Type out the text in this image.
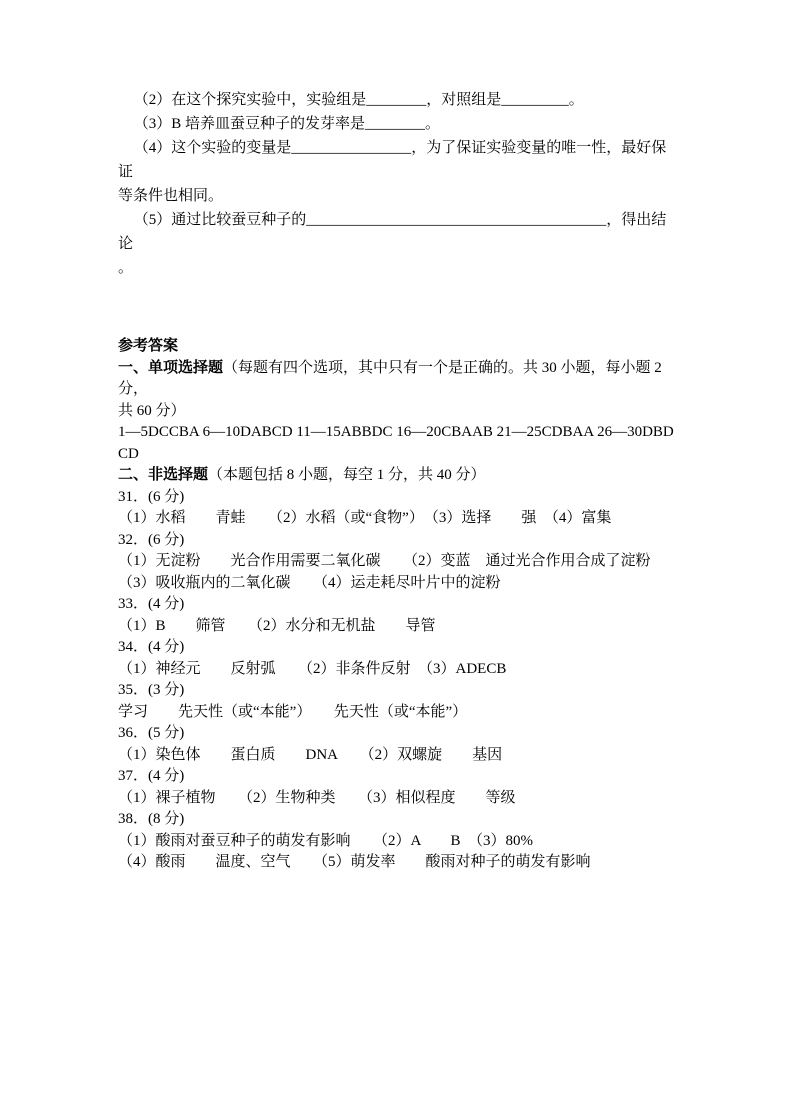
（2）在这个探究实验中，实验组是________，对照组是_________。
（3）B 培养皿蚕豆种子的发芽率是________。
（4）这个实验的变量是________________，为了保证实验变量的唯一性，最好保证
等条件也相同。
（5）通过比较蚕豆种子的________________________________________，得出结论
。
参考答案
一、单项选择题（每题有四个选项，其中只有一个是正确的。共 30 小题，每小题 2 分，
共 60 分）
1—5DCCBA 6—10DABCD 11—15ABBDC 16—20CBAAB 21—25CDBAA 26—30DBDCD
二、非选择题（本题包括 8 小题，每空 1 分，共 40 分）
31．(6 分)
（1）水稻　　青蛙　　（2）水稻（或“食物”）　（3）选择　　强　（4）富集
32．(6 分)
（1）无淀粉　　光合作用需要二氧化碳　　（2）变蓝　通过光合作用合成了淀粉
（3）吸收瓶内的二氧化碳　　（4）运走耗尽叶片中的淀粉
33．(4 分)
（1）B　　筛管　　（2）水分和无机盐　　导管
34．(4 分)
（1）神经元　　反射弧　　（2）非条件反射　（3）ADECB
35．(3 分)
学习　　先天性（或“本能”）　　先天性（或“本能”）
36．(5 分)
（1）染色体　　蛋白质　　DNA　　（2）双螺旋　　基因
37．(4 分)
（1）裸子植物　　（2）生物种类　　（3）相似程度　　等级
38．(8 分)
（1）酸雨对蚕豆种子的萌发有影响　　（2）A　　B　（3）80%
（4）酸雨　　温度、空气　　（5）萌发率　　酸雨对种子的萌发有影响
